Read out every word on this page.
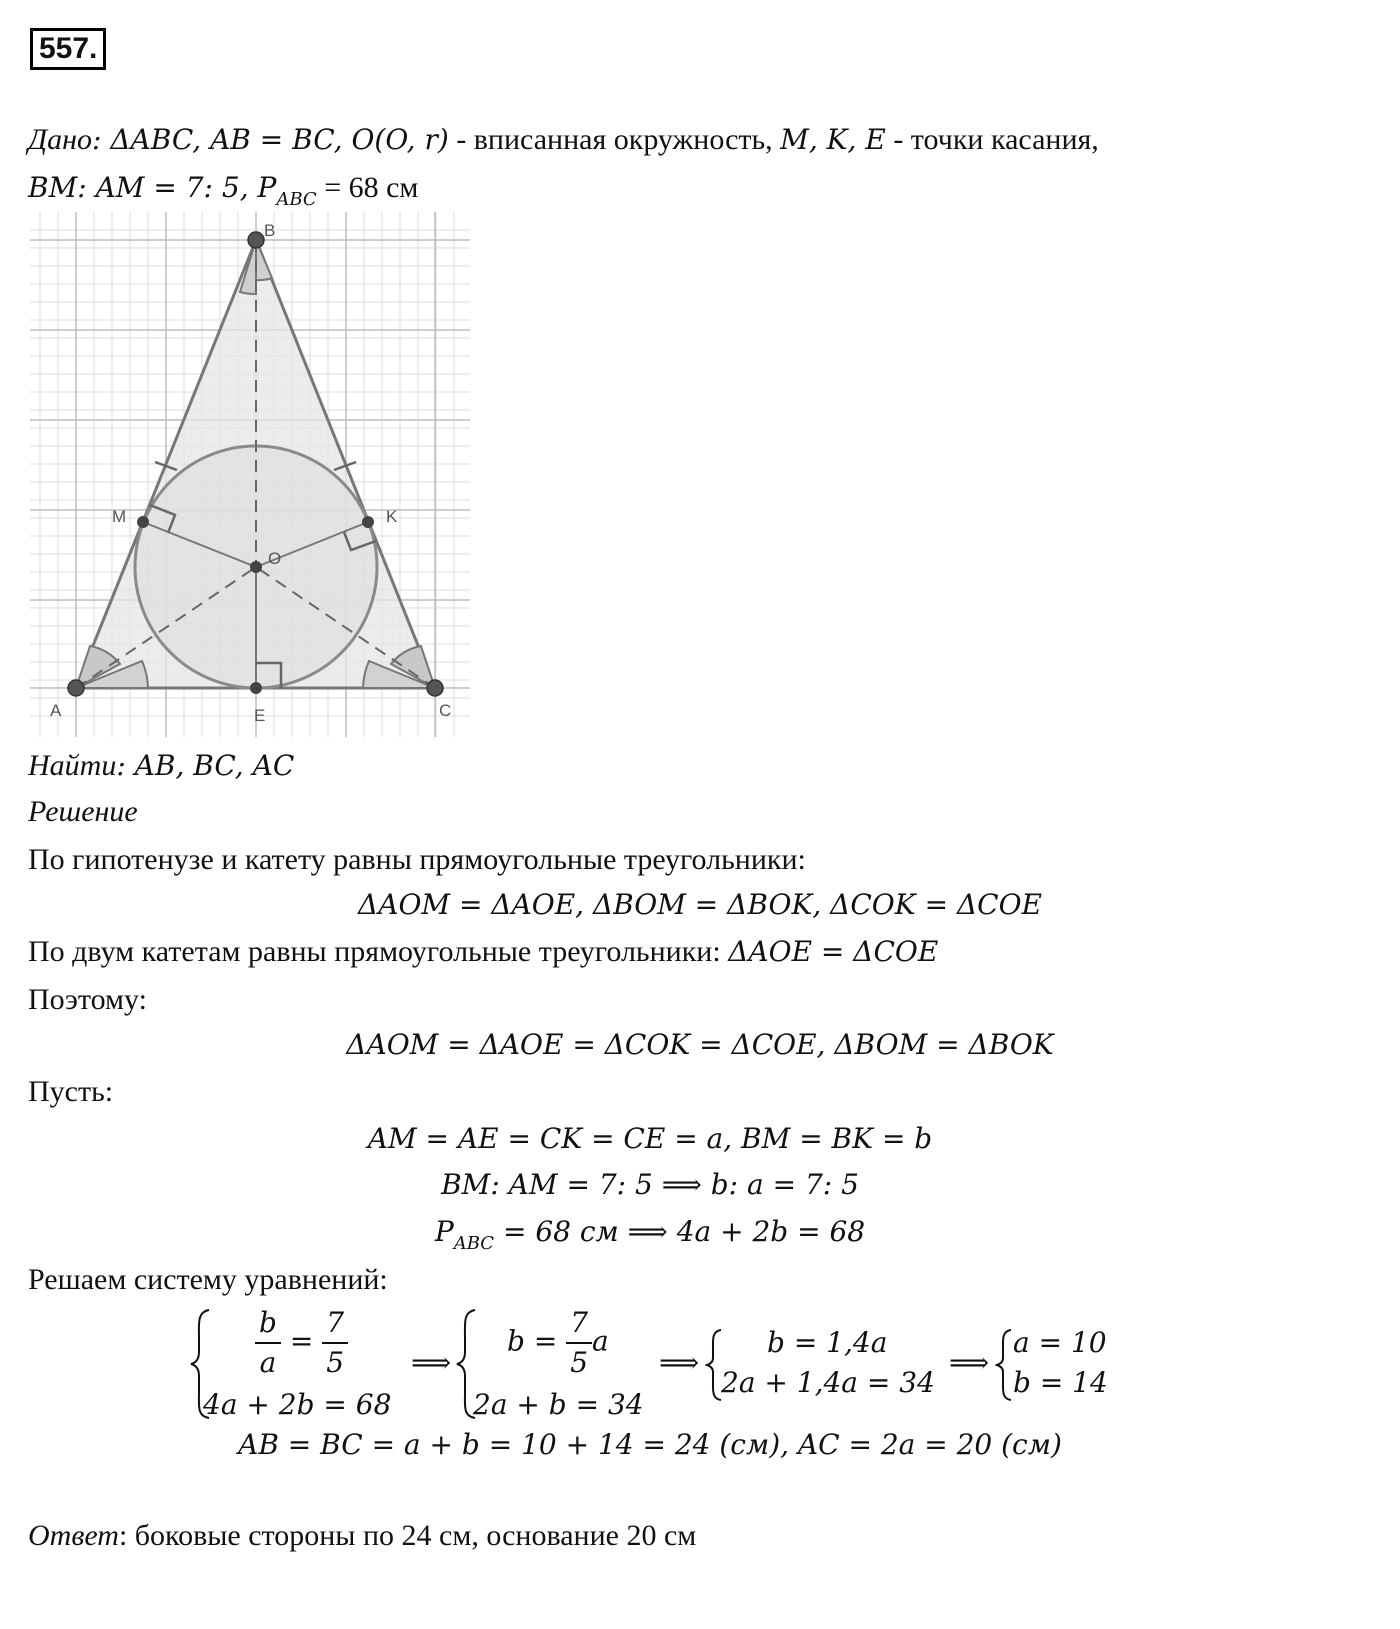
557.
Дано: ΔABC, AB = BC, O(O, r) - вписанная окружность, M, K, E - точки касания,
BM: AM = 7: 5, $P_{ABC} = 68$ см
B
M	K
O
A	E	C
Найти: AB, BC, AC
Решение
По гипотенузе и катету равны прямоугольные треугольники:
ΔAOM = ΔAOE, ΔBOM = ΔBOK, ΔCOK = ΔCOE
По двум катетам равны прямоугольные треугольники: ΔAOE = ΔCOE
Поэтому:
ΔAOM = ΔAOE = ΔCOK = ΔCOE, ΔBOM = ΔBOK
Пусть:
AM = AE = CK = CE = a, BM = BK = b
BM: AM = 7: 5 ⟹ b: a = 7: 5
$P_{ABC} = 68$ см ⟹ 4a + 2b = 68
Решаем систему уравнений:
$\frac{b}{a} = \frac{7}{5}$
4a + 2b = 68
⟹
$b = \frac{7}{5}$ a
2a + b = 34
⟹
b = 1,4a
2a + 1,4a = 34
⟹
a = 10
b = 14
AB = BC = a + b = 10 + 14 = 24 (см), AC = 2a = 20 (см)
Ответ: боковые стороны по 24 см, основание 20 см
